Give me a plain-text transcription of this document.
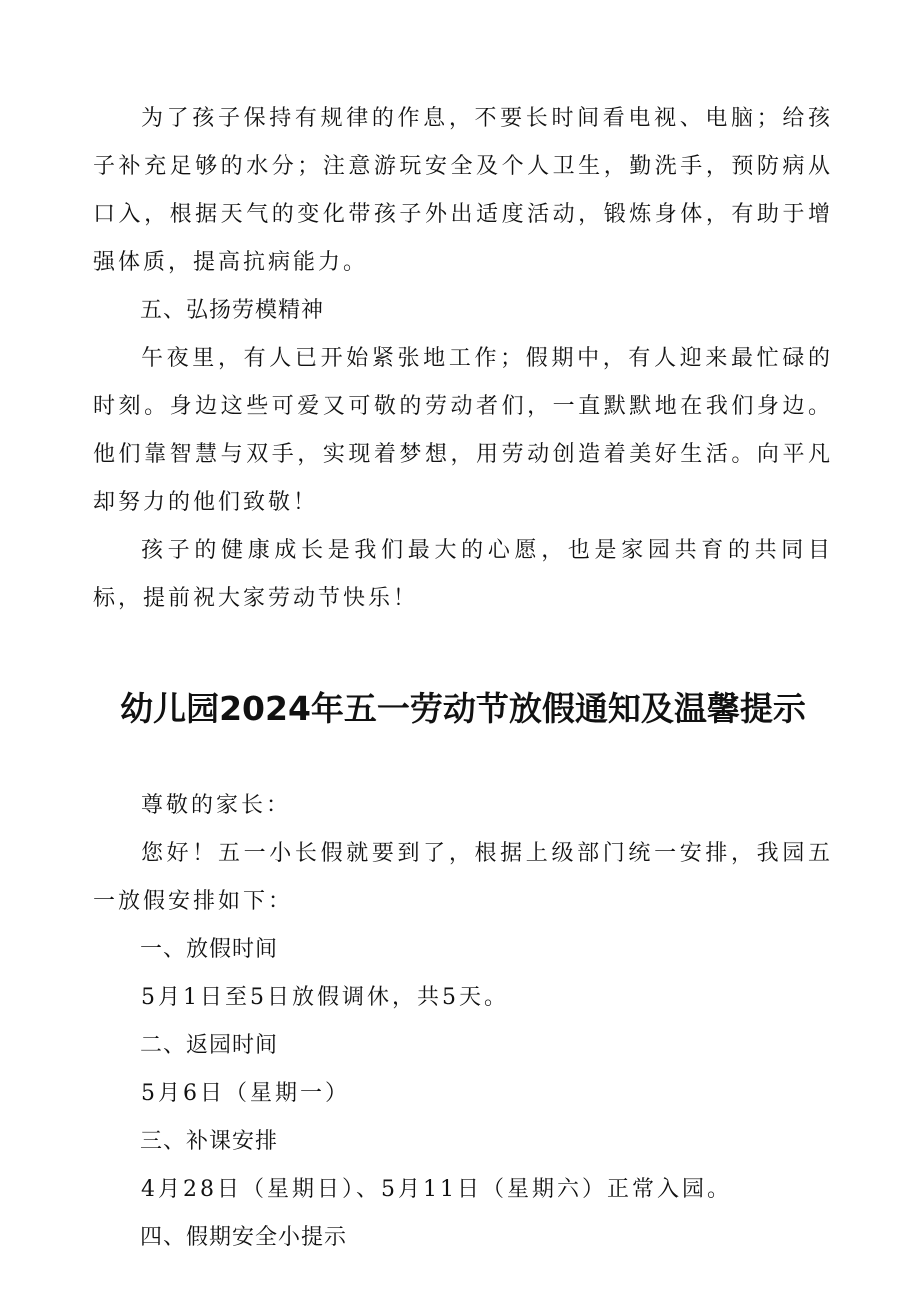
为了孩子保持有规律的作息，不要长时间看电视、电脑；给孩子补充足够的水分；注意游玩安全及个人卫生，勤洗手，预防病从口入，根据天气的变化带孩子外出适度活动，锻炼身体，有助于增强体质，提高抗病能力。

五、弘扬劳模精神

午夜里，有人已开始紧张地工作；假期中，有人迎来最忙碌的时刻。身边这些可爱又可敬的劳动者们，一直默默地在我们身边。他们靠智慧与双手，实现着梦想，用劳动创造着美好生活。向平凡却努力的他们致敬！

孩子的健康成长是我们最大的心愿，也是家园共育的共同目标，提前祝大家劳动节快乐！

幼儿园2024年五一劳动节放假通知及温馨提示

尊敬的家长：

您好！五一小长假就要到了，根据上级部门统一安排，我园五一放假安排如下：

一、放假时间

5月1日至5日放假调休，共5天。

二、返园时间

5月6日（星期一）

三、补课安排

4月28日（星期日）、5月11日（星期六）正常入园。

四、假期安全小提示
